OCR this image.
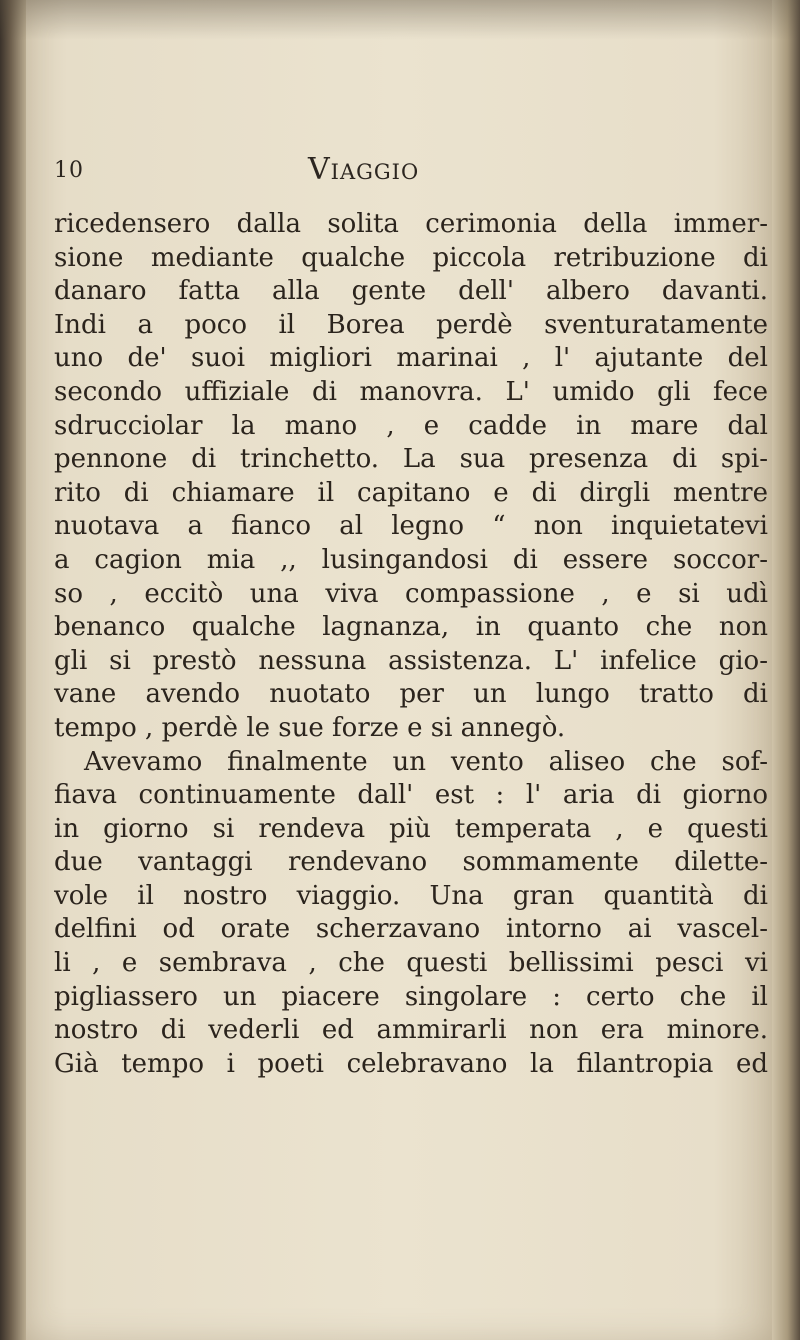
10	Viaggio
ricedensero dalla solita cerimonia della immer-
sione mediante qualche piccola retribuzione di
danaro fatta alla gente dell' albero davanti.
Indi a poco il Borea perdè sventuratamente
uno de' suoi migliori marinai , l' ajutante del
secondo uffiziale di manovra. L' umido gli fece
sdrucciolar la mano , e cadde in mare dal
pennone di trinchetto. La sua presenza di spi-
rito di chiamare il capitano e di dirgli mentre
nuotava a fianco al legno “ non inquietatevi
a cagion mia ,, lusingandosi di essere soccor-
so , eccitò una viva compassione , e si udì
benanco qualche lagnanza, in quanto che non
gli si prestò nessuna assistenza. L' infelice gio-
vane avendo nuotato per un lungo tratto di
tempo , perdè le sue forze e si annegò.
Avevamo finalmente un vento aliseo che sof-
fiava continuamente dall' est : l' aria di giorno
in giorno si rendeva più temperata , e questi
due vantaggi rendevano sommamente dilette-
vole il nostro viaggio. Una gran quantità di
delfini od orate scherzavano intorno ai vascel-
li , e sembrava , che questi bellissimi pesci vi
pigliassero un piacere singolare : certo che il
nostro di vederli ed ammirarli non era minore.
Già tempo i poeti celebravano la filantropia ed
